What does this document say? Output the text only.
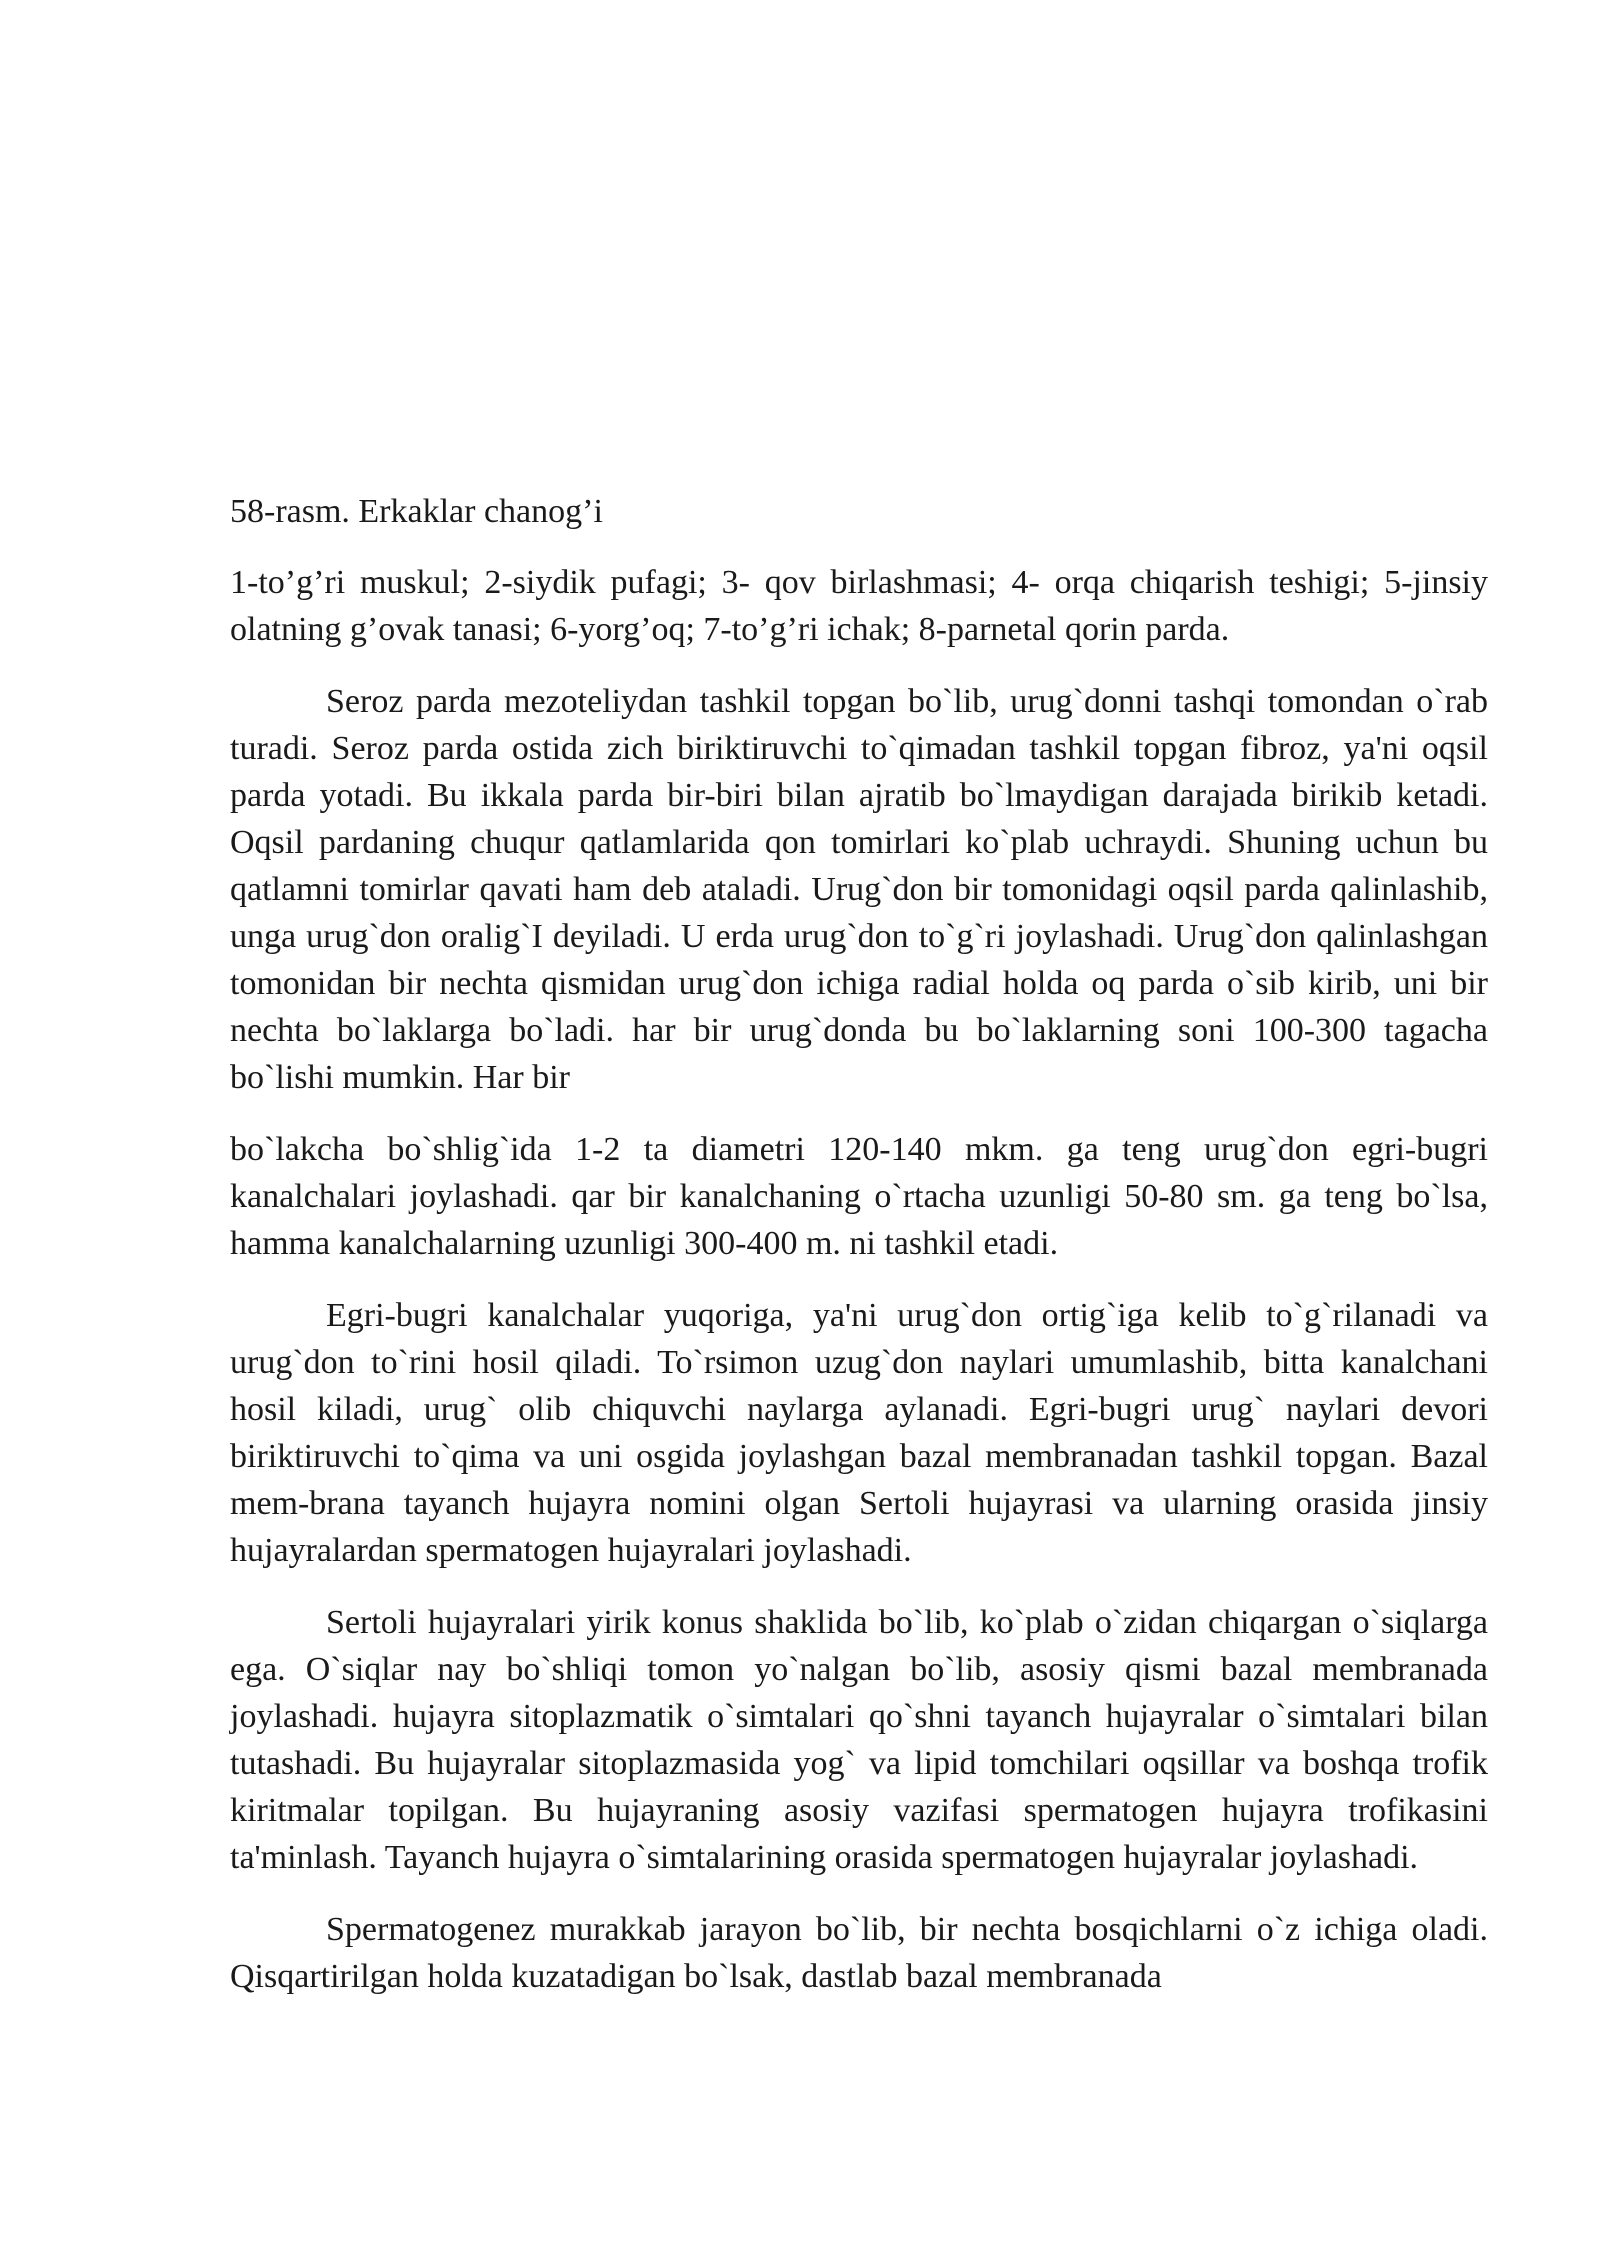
58-rasm. Erkaklar chanog’i

1-to’g’ri muskul; 2-siydik pufagi; 3- qov birlashmasi; 4- orqa chiqarish teshigi; 5-jinsiy olatning g’ovak tanasi; 6-yorg’oq; 7-to’g’ri ichak; 8-parnetal qorin parda.

Seroz parda mezoteliydan tashkil topgan bo`lib, urug`donni tashqi tomondan o`rab turadi. Seroz parda ostida zich biriktiruvchi to`qimadan tashkil topgan fibroz, ya'ni oqsil parda yotadi. Bu ikkala parda bir-biri bilan ajratib bo`lmaydigan darajada birikib ketadi. Oqsil pardaning chuqur qatlamlarida qon tomirlari ko`plab uchraydi. Shuning uchun bu qatlamni tomirlar qavati ham deb ataladi. Urug`don bir tomonidagi oqsil parda qalinlashib, unga urug`don oralig`I deyiladi. U erda urug`don to`g`ri joylashadi. Urug`don qalinlashgan tomonidan bir nechta qismidan urug`don ichiga radial holda oq parda o`sib kirib, uni bir nechta bo`laklarga bo`ladi. har bir urug`donda bu bo`laklarning soni 100-300 tagacha bo`lishi mumkin. Har bir

bo`lakcha bo`shlig`ida 1-2 ta diametri 120-140 mkm. ga teng urug`don egri-bugri kanalchalari joylashadi. qar bir kanalchaning o`rtacha uzunligi 50-80 sm. ga teng bo`lsa, hamma kanalchalarning uzunligi 300-400 m. ni tashkil etadi.

Egri-bugri kanalchalar yuqoriga, ya'ni urug`don ortig`iga kelib to`g`rilanadi va urug`don to`rini hosil qiladi. To`rsimon uzug`don naylari umumlashib, bitta kanalchani hosil kiladi, urug` olib chiquvchi naylarga aylanadi. Egri-bugri urug` naylari devori biriktiruvchi to`qima va uni osgida joylashgan bazal membranadan tashkil topgan. Bazal mem-brana tayanch hujayra nomini olgan Sertoli hujayrasi va ularning orasida jinsiy hujayralardan spermatogen hujayralari joylashadi.

Sertoli hujayralari yirik konus shaklida bo`lib, ko`plab o`zidan chiqargan o`siqlarga ega. O`siqlar nay bo`shliqi tomon yo`nalgan bo`lib, asosiy qismi bazal membranada joylashadi. hujayra sitoplazmatik o`simtalari qo`shni tayanch hujayralar o`simtalari bilan tutashadi. Bu hujayralar sitoplazmasida yog` va lipid tomchilari oqsillar va boshqa trofik kiritmalar topilgan. Bu hujayraning asosiy vazifasi spermatogen hujayra trofikasini ta'minlash. Tayanch hujayra o`simtalarining orasida spermatogen hujayralar joylashadi.

Spermatogenez murakkab jarayon bo`lib, bir nechta bosqichlarni o`z ichiga oladi. Qisqartirilgan holda kuzatadigan bo`lsak, dastlab bazal membranada
